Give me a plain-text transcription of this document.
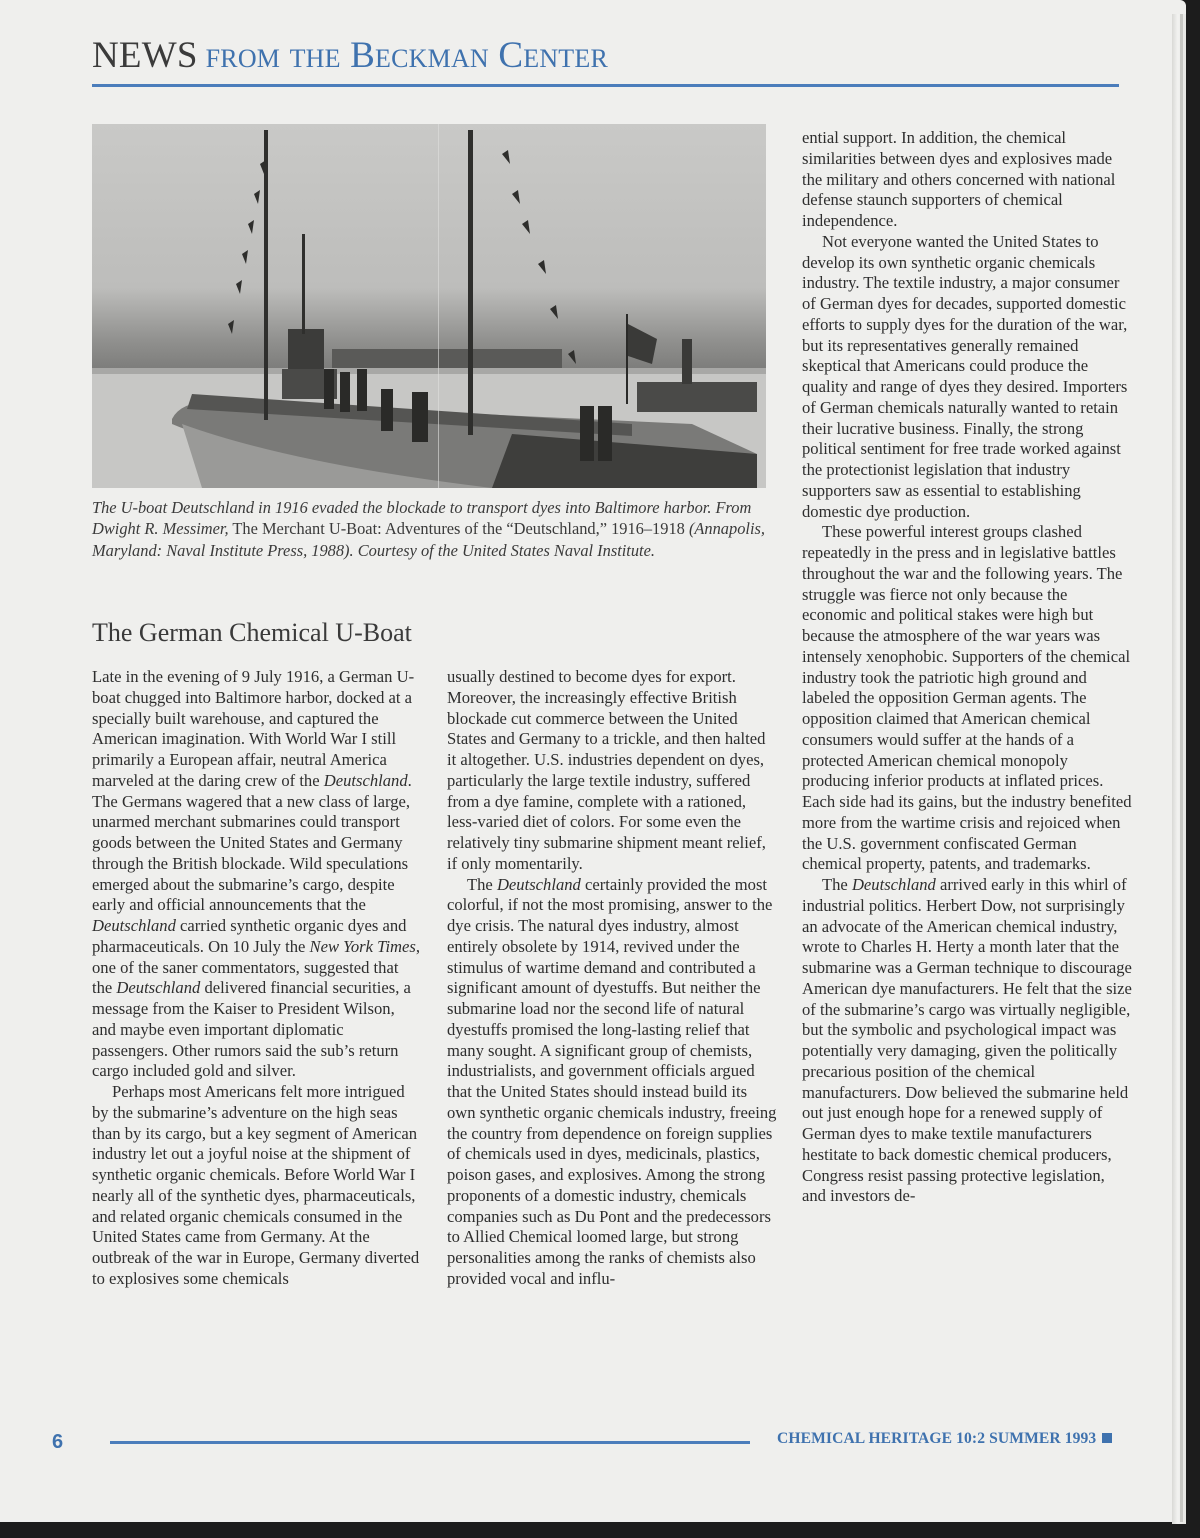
NEWS from the Beckman Center
The U-boat Deutschland in 1916 evaded the blockade to transport dyes into Baltimore harbor. From Dwight R. Messimer, The Merchant U-Boat: Adventures of the “Deutschland,” 1916–1918 (Annapolis, Maryland: Naval Institute Press, 1988). Courtesy of the United States Naval Institute.
The German Chemical U-Boat

Late in the evening of 9 July 1916, a German U-boat chugged into Baltimore harbor, docked at a specially built warehouse, and captured the American imagination. With World War I still primarily a European affair, neutral America marveled at the daring crew of the Deutschland. The Germans wagered that a new class of large, unarmed merchant submarines could transport goods between the United States and Germany through the British blockade. Wild speculations emerged about the submarine’s cargo, despite early and official announcements that the Deutschland carried synthetic organic dyes and pharmaceuticals. On 10 July the New York Times, one of the saner commentators, suggested that the Deutschland delivered financial securities, a message from the Kaiser to President Wilson, and maybe even important diplomatic passengers. Other rumors said the sub’s return cargo included gold and silver.

Perhaps most Americans felt more intrigued by the submarine’s adventure on the high seas than by its cargo, but a key segment of American industry let out a joyful noise at the shipment of synthetic organic chemicals. Before World War I nearly all of the synthetic dyes, pharmaceuticals, and related organic chemicals consumed in the United States came from Germany. At the outbreak of the war in Europe, Germany diverted to explosives some chemicals

usually destined to become dyes for export. Moreover, the increasingly effective British blockade cut commerce between the United States and Germany to a trickle, and then halted it altogether. U.S. industries dependent on dyes, particularly the large textile industry, suffered from a dye famine, complete with a rationed, less-varied diet of colors. For some even the relatively tiny submarine shipment meant relief, if only momentarily.

The Deutschland certainly provided the most colorful, if not the most promising, answer to the dye crisis. The natural dyes industry, almost entirely obsolete by 1914, revived under the stimulus of wartime demand and contributed a significant amount of dyestuffs. But neither the submarine load nor the second life of natural dyestuffs promised the long-lasting relief that many sought. A significant group of chemists, industrialists, and government officials argued that the United States should instead build its own synthetic organic chemicals industry, freeing the country from dependence on foreign supplies of chemicals used in dyes, medicinals, plastics, poison gases, and explosives. Among the strong proponents of a domestic industry, chemicals companies such as Du Pont and the predecessors to Allied Chemical loomed large, but strong personalities among the ranks of chemists also provided vocal and influ-

ential support. In addition, the chemical similarities between dyes and explosives made the military and others concerned with national defense staunch supporters of chemical independence.

Not everyone wanted the United States to develop its own synthetic organic chemicals industry. The textile industry, a major consumer of German dyes for decades, supported domestic efforts to supply dyes for the duration of the war, but its representatives generally remained skeptical that Americans could produce the quality and range of dyes they desired. Importers of German chemicals naturally wanted to retain their lucrative business. Finally, the strong political sentiment for free trade worked against the protectionist legislation that industry supporters saw as essential to establishing domestic dye production.

These powerful interest groups clashed repeatedly in the press and in legislative battles throughout the war and the following years. The struggle was fierce not only because the economic and political stakes were high but because the atmosphere of the war years was intensely xenophobic. Supporters of the chemical industry took the patriotic high ground and labeled the opposition German agents. The opposition claimed that American chemical consumers would suffer at the hands of a protected American chemical monopoly producing inferior products at inflated prices. Each side had its gains, but the industry benefited more from the wartime crisis and rejoiced when the U.S. government confiscated German chemical property, patents, and trademarks.

The Deutschland arrived early in this whirl of industrial politics. Herbert Dow, not surprisingly an advocate of the American chemical industry, wrote to Charles H. Herty a month later that the submarine was a German technique to discourage American dye manufacturers. He felt that the size of the submarine’s cargo was virtually negligible, but the symbolic and psychological impact was potentially very damaging, given the politically precarious position of the chemical manufacturers. Dow believed the submarine held out just enough hope for a renewed supply of German dyes to make textile manufacturers hestitate to back domestic chemical producers, Congress resist passing protective legislation, and investors de-

6	CHEMICAL HERITAGE 10:2 SUMMER 1993
